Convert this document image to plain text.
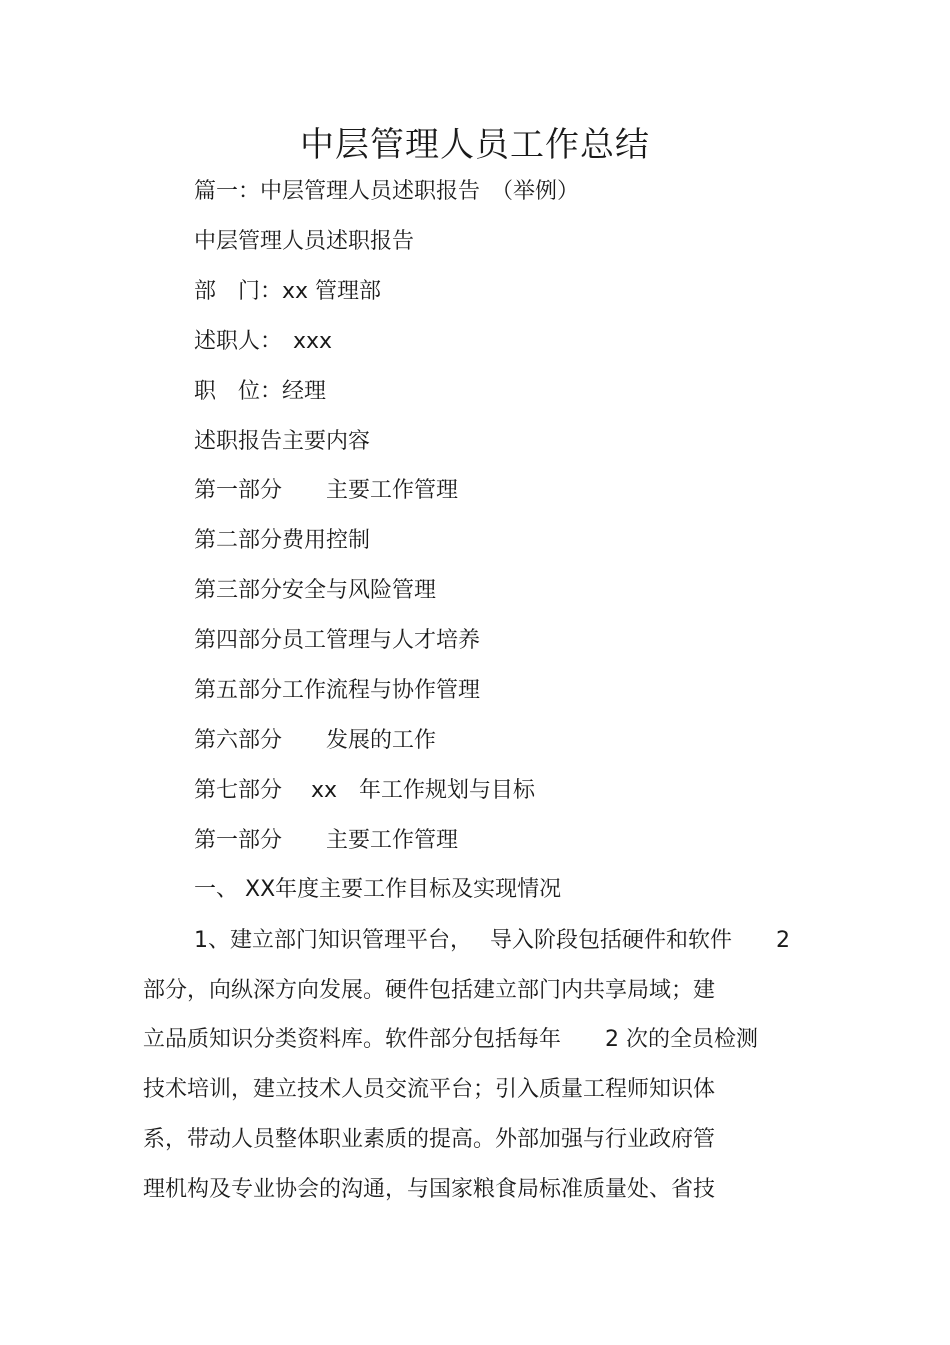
中层管理人员工作总结
篇一：中层管理人员述职报告　（举例）
中层管理人员述职报告
部　门：xx 管理部
述职人：　xxx
职　位：经理
述职报告主要内容
第一部分　　主要工作管理
第二部分费用控制
第三部分安全与风险管理
第四部分员工管理与人才培养
第五部分工作流程与协作管理
第六部分　　发展的工作
第七部分　 xx　年工作规划与目标
第一部分　　主要工作管理
一、 XX年度主要工作目标及实现情况
1、建立部门知识管理平台，　 导入阶段包括硬件和软件　　2
部分，向纵深方向发展。硬件包括建立部门内共享局域；建
立品质知识分类资料库。软件部分包括每年　　2 次的全员检测
技术培训，建立技术人员交流平台；引入质量工程师知识体
系，带动人员整体职业素质的提高。外部加强与行业政府管
理机构及专业协会的沟通，与国家粮食局标准质量处、省技
